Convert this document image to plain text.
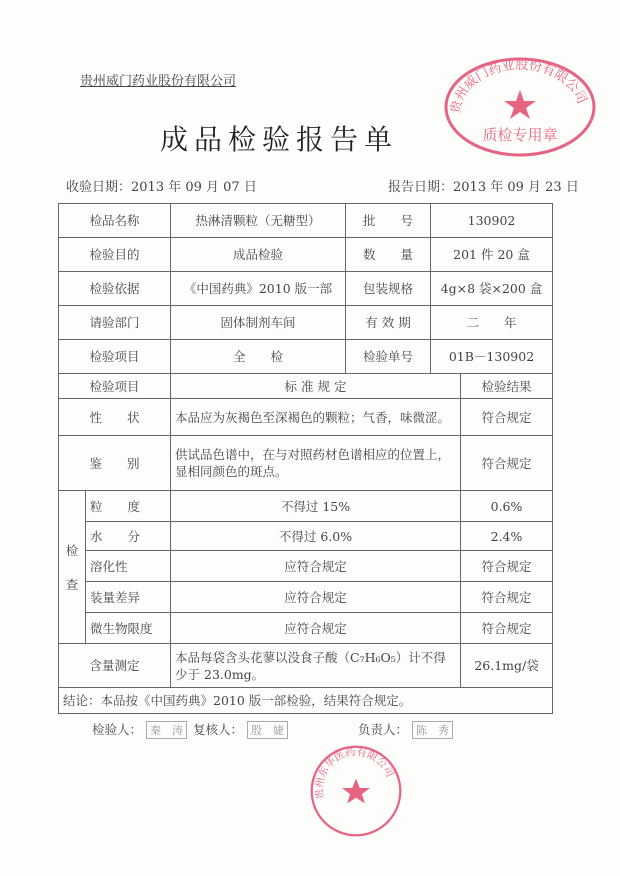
贵州威门药业股份有限公司
成品检验报告单
收验日期：2013 年 09 月 07 日	报告日期：2013 年 09 月 23 日
贵州威门药业股份有限公司
质检专用章
检品名称	热淋清颗粒（无糖型）	批　　号	130902
检验目的	成品检验	数　　量	201 件 20 盒
检验依据	《中国药典》2010 版一部	包装规格	4g×8 袋×200 盒
请验部门	固体制剂车间	有 效 期	二　　年
检验项目	全　　检	检验单号	01B－130902
检验项目		标 准 规 定	检验结果
性　　状		本品应为灰褐色至深褐色的颗粒；气香，味微涩。	符合规定
鉴　　别		供试品色谱中，在与对照药材色谱相应的位置上，显相同颜色的斑点。	符合规定
检

查	粒　　度	不得过 15%	0.6%
	水　　分	不得过 6.0%	2.4%
	溶化性	应符合规定	符合规定
	装量差异	应符合规定	符合规定
	微生物限度	应符合规定	符合规定
含量测定		本品每袋含头花蓼以没食子酸（C₇H₆O₅）计不得少于 23.0mg。	26.1mg/袋
结论：本品按《中国药典》2010 版一部检验，结果符合规定。			
检验人： 秦　涛 复核人： 殷　婕	负责人： 陈　秀
贵州东华医药有限公司
